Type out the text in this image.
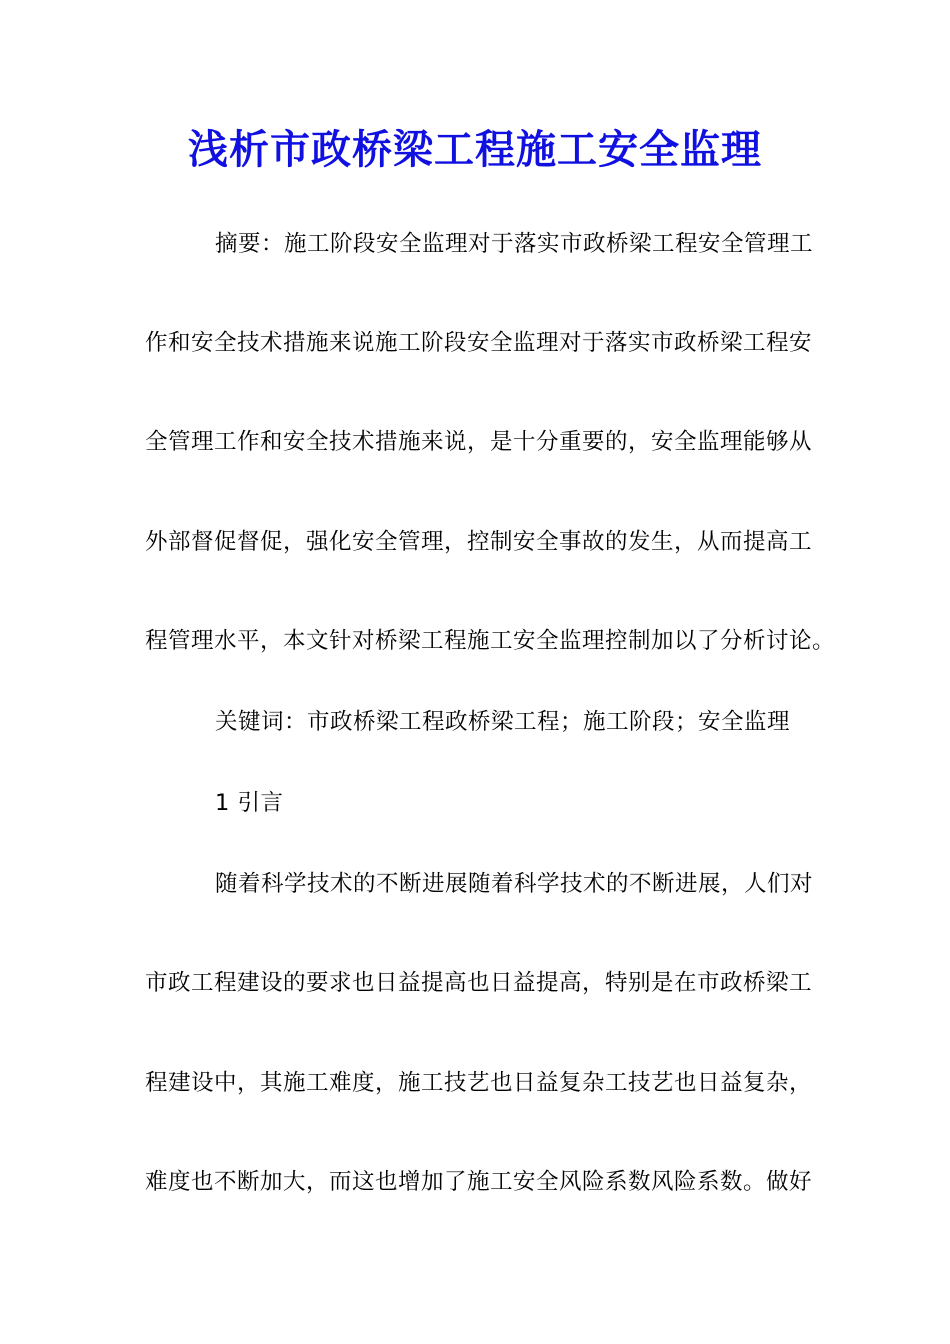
浅析市政桥梁工程施工安全监理
摘要：施工阶段安全监理对于落实市政桥梁工程安全管理工
作和安全技术措施来说施工阶段安全监理对于落实市政桥梁工程安
全管理工作和安全技术措施来说，是十分重要的，安全监理能够从
外部督促督促，强化安全管理，控制安全事故的发生，从而提高工
程管理水平，本文针对桥梁工程施工安全监理控制加以了分析讨论。
关键词：市政桥梁工程政桥梁工程；施工阶段；安全监理
1 引言
随着科学技术的不断进展随着科学技术的不断进展，人们对
市政工程建设的要求也日益提高也日益提高，特别是在市政桥梁工
程建设中，其施工难度，施工技艺也日益复杂工技艺也日益复杂，
难度也不断加大，而这也增加了施工安全风险系数风险系数。做好
